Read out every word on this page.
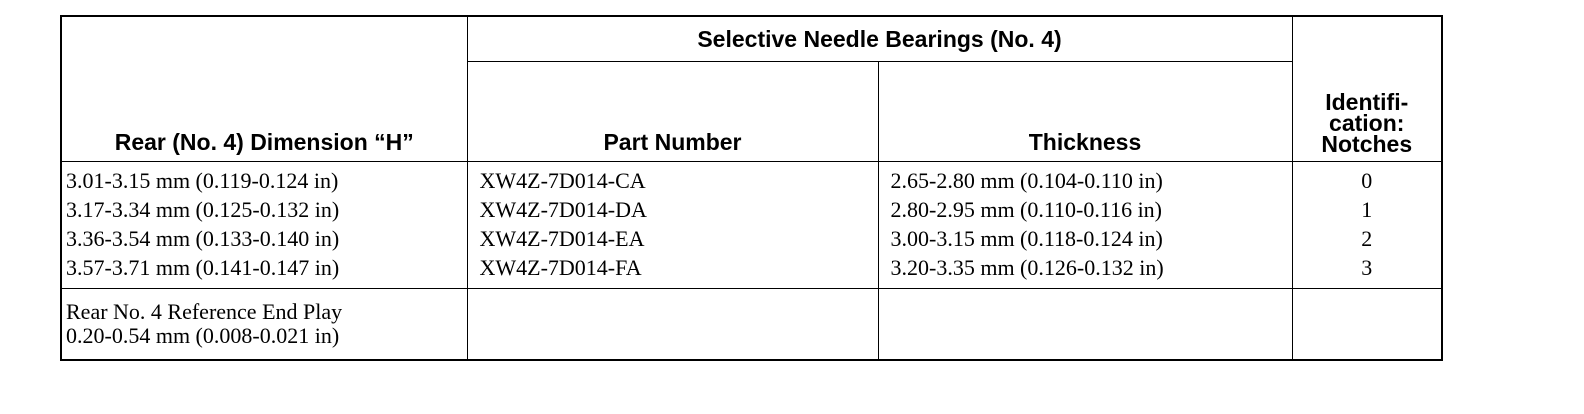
Rear (No. 4) Dimension “H”	Selective Needle Bearings (No. 4)		Identifi-
cation:
Notches

	Part Number	Thickness	
3.01-3.15 mm (0.119-0.124 in)	XW4Z-7D014-CA	2.65-2.80 mm (0.104-0.110 in)	0
3.17-3.34 mm (0.125-0.132 in)	XW4Z-7D014-DA	2.80-2.95 mm (0.110-0.116 in)	1
3.36-3.54 mm (0.133-0.140 in)	XW4Z-7D014-EA	3.00-3.15 mm (0.118-0.124 in)	2
3.57-3.71 mm (0.141-0.147 in)	XW4Z-7D014-FA	3.20-3.35 mm (0.126-0.132 in)	3

Rear No. 4 Reference End Play
0.20-0.54 mm (0.008-0.021 in)			
